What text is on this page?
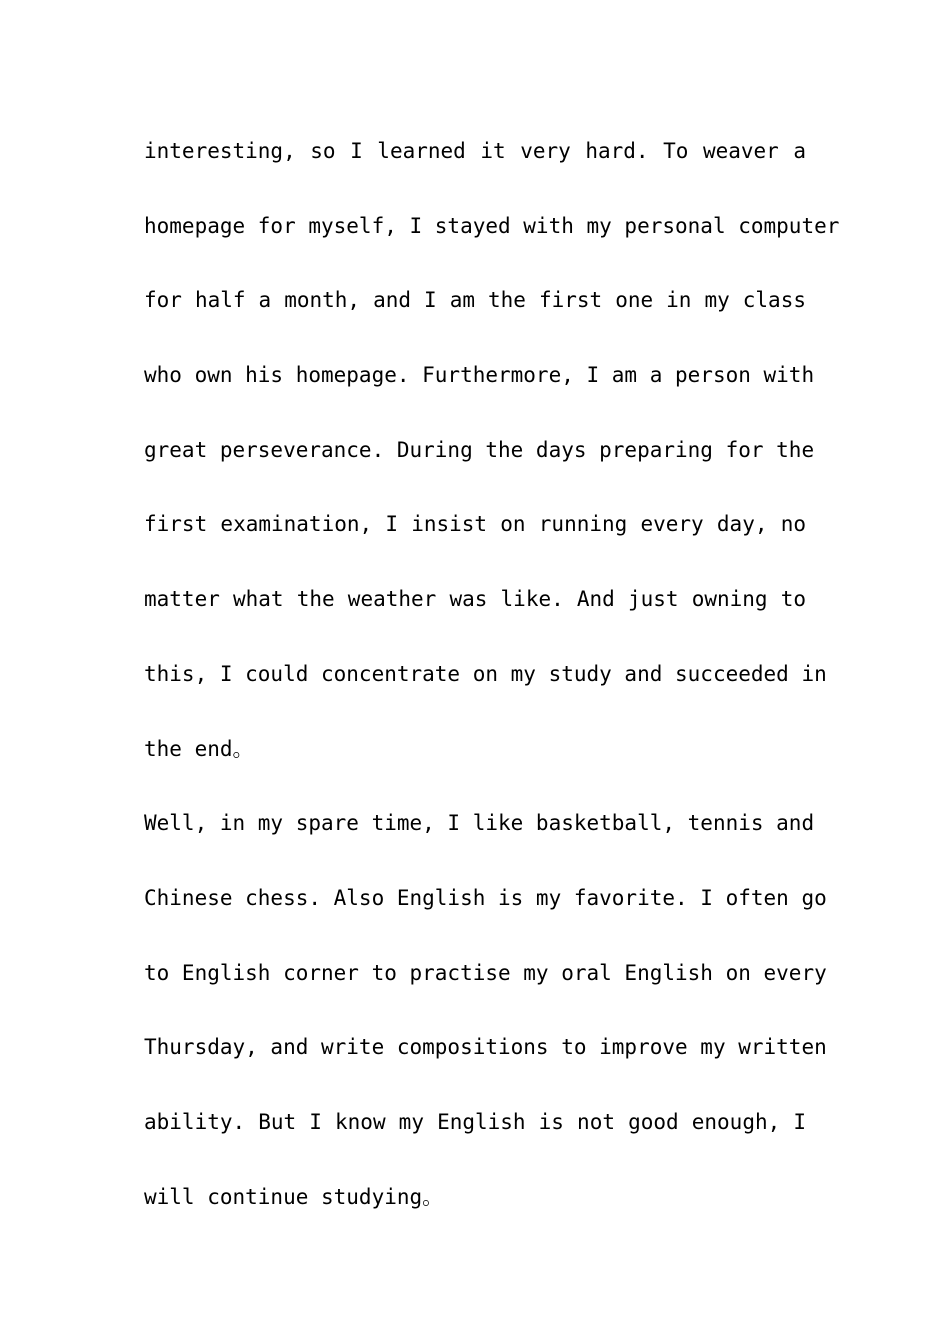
interesting, so I learned it very hard. To weaver a
homepage for myself, I stayed with my personal computer
for half a month, and I am the first one in my class
who own his homepage. Furthermore, I am a person with
great perseverance. During the days preparing for the
first examination, I insist on running every day, no
matter what the weather was like. And just owning to
this, I could concentrate on my study and succeeded in
the end。
Well, in my spare time, I like basketball, tennis and
Chinese chess. Also English is my favorite. I often go
to English corner to practise my oral English on every
Thursday, and write compositions to improve my written
ability. But I know my English is not good enough, I
will continue studying。
